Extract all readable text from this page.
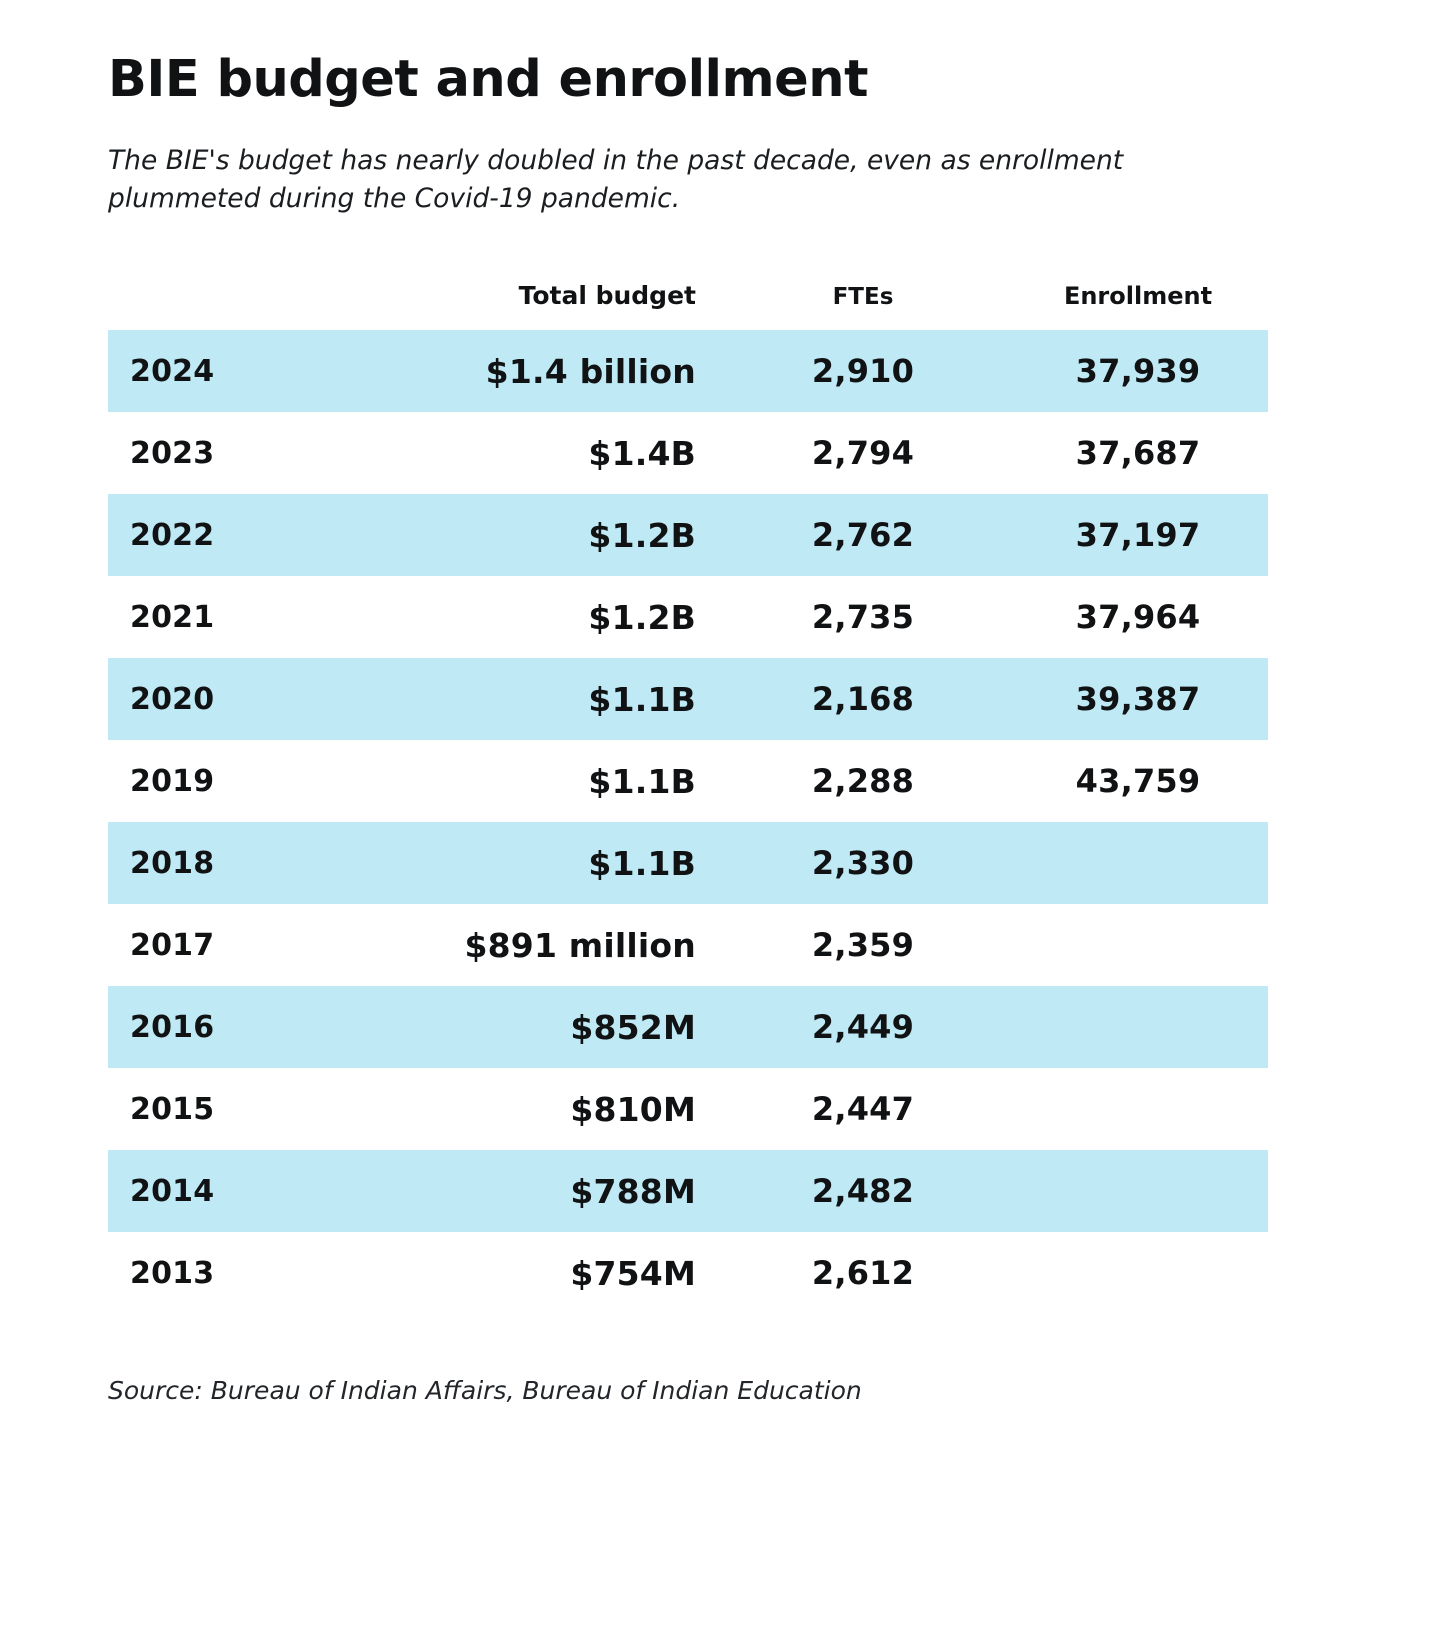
BIE budget and enrollment

The BIE's budget has nearly doubled in the past decade, even as enrollment plummeted during the Covid-19 pandemic.

	Total budget	FTEs	Enrollment
2024	$1.4 billion	2,910	37,939
2023	$1.4B	2,794	37,687
2022	$1.2B	2,762	37,197
2021	$1.2B	2,735	37,964
2020	$1.1B	2,168	39,387
2019	$1.1B	2,288	43,759
2018	$1.1B	2,330	
2017	$891 million	2,359	
2016	$852M	2,449	
2015	$810M	2,447	
2014	$788M	2,482	
2013	$754M	2,612	
Source: Bureau of Indian Affairs, Bureau of Indian Education
